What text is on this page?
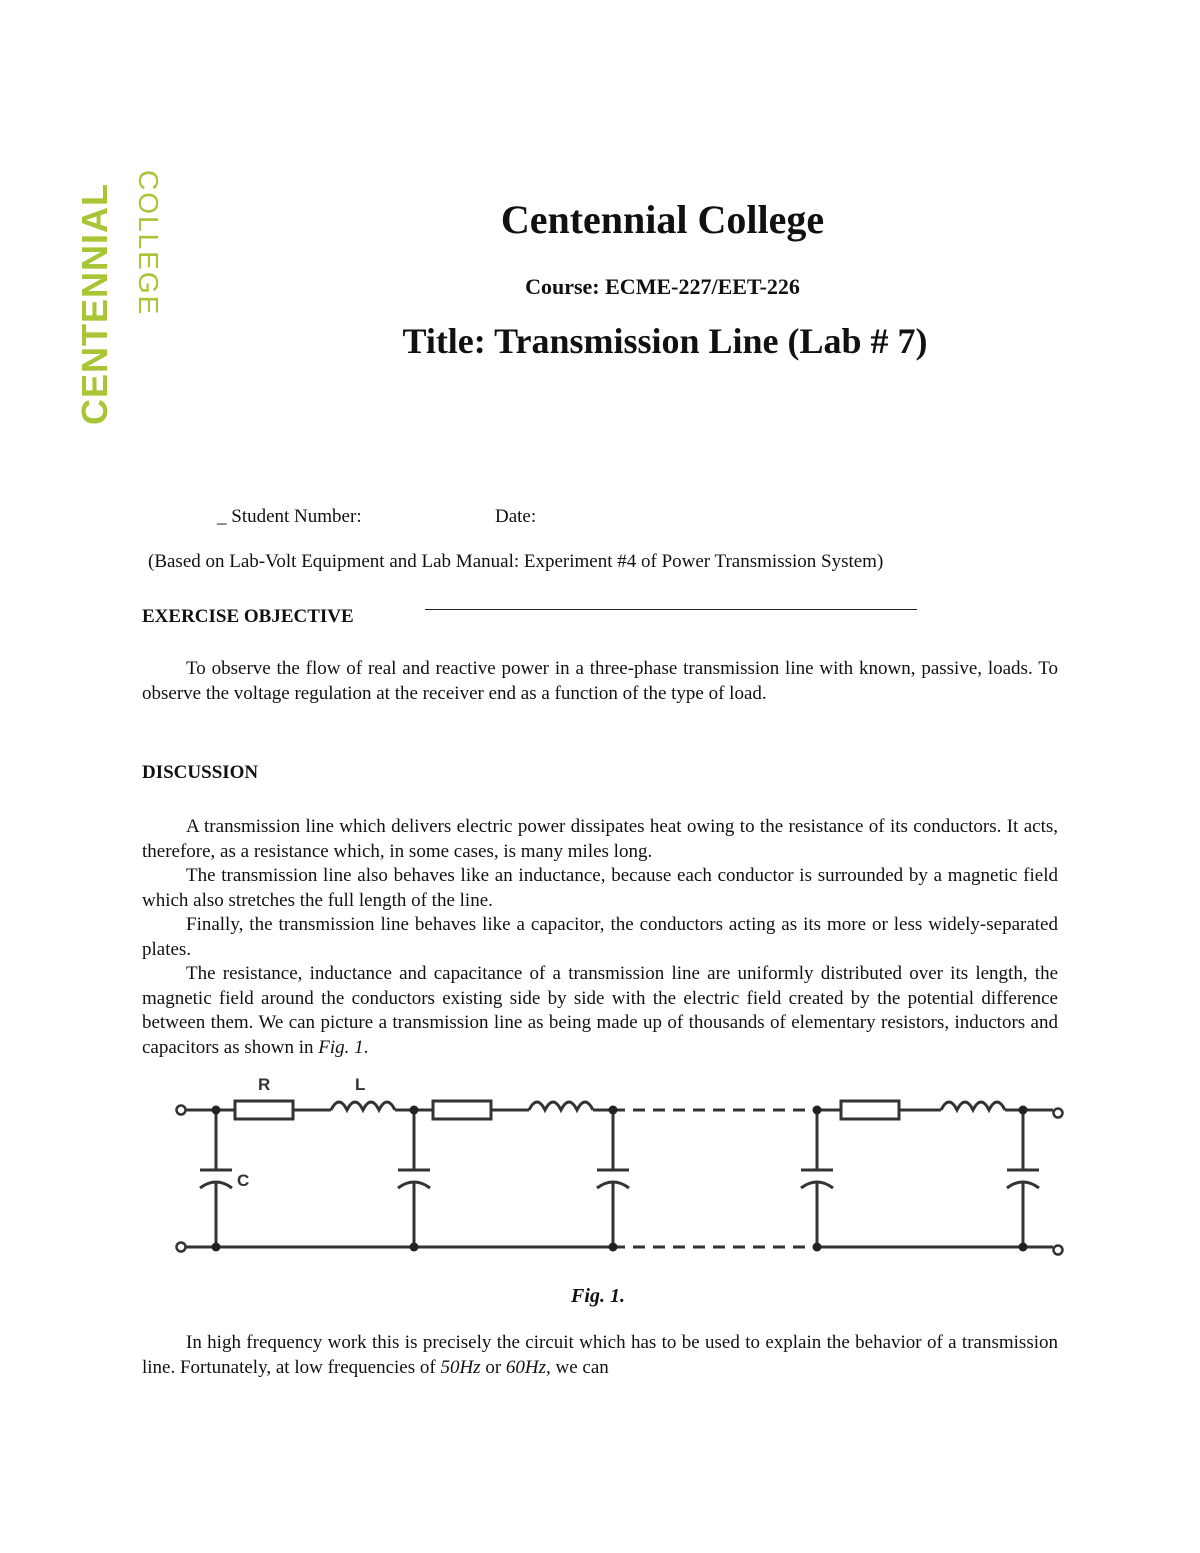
CENTENNIAL COLLEGE	Centennial College
Course: ECME-227/EET-226
Title: Transmission Line (Lab # 7)
_ Student Number:	Date:
(Based on Lab-Volt Equipment and Lab Manual: Experiment #4 of Power Transmission System)
EXERCISE OBJECTIVE
To observe the flow of real and reactive power in a three-phase transmission line with known, passive, loads. To observe the voltage regulation at the receiver end as a function of the type of load.
DISCUSSION
A transmission line which delivers electric power dissipates heat owing to the resistance of its conductors. It acts, therefore, as a resistance which, in some cases, is many miles long.
The transmission line also behaves like an inductance, because each conductor is surrounded by a magnetic field which also stretches the full length of the line.
Finally, the transmission line behaves like a capacitor, the conductors acting as its more or less widely-separated plates.
The resistance, inductance and capacitance of a transmission line are uniformly distributed over its length, the magnetic field around the conductors existing side by side with the electric field created by the potential difference between them. We can picture a transmission line as being made up of thousands of elementary resistors, inductors and capacitors as shown in Fig. 1.
R	L
C
Fig. 1.
In high frequency work this is precisely the circuit which has to be used to explain the behavior of a transmission line. Fortunately, at low frequencies of 50Hz or 60Hz, we can
